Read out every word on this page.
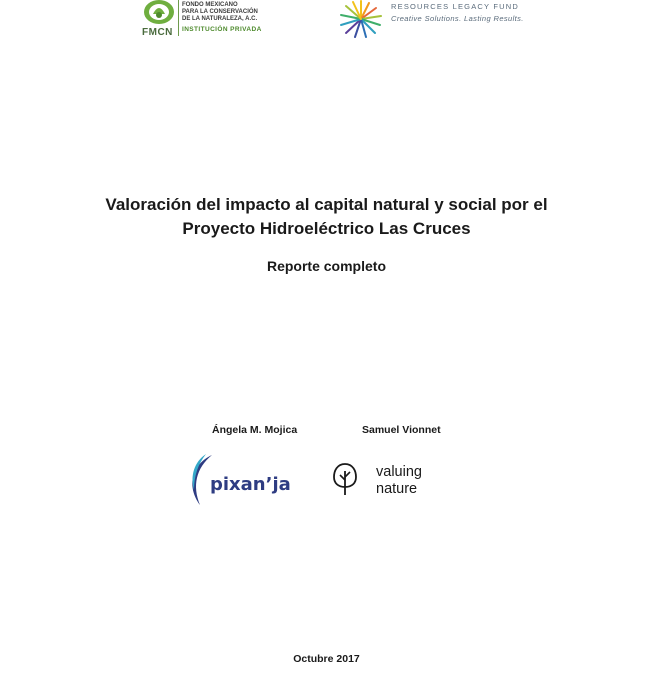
FMCN
FONDO MEXICANO
PARA LA CONSERVACIÓN
DE LA NATURALEZA, A.C.
INSTITUCIÓN PRIVADA
RESOURCES LEGACY FUND
Creative Solutions. Lasting Results.
Valoración del impacto al capital natural y social por el
Proyecto Hidroeléctrico Las Cruces
Reporte completo
Ángela M. Mojica	Samuel Vionnet
pixan’ja
valuing
nature
Octubre 2017
